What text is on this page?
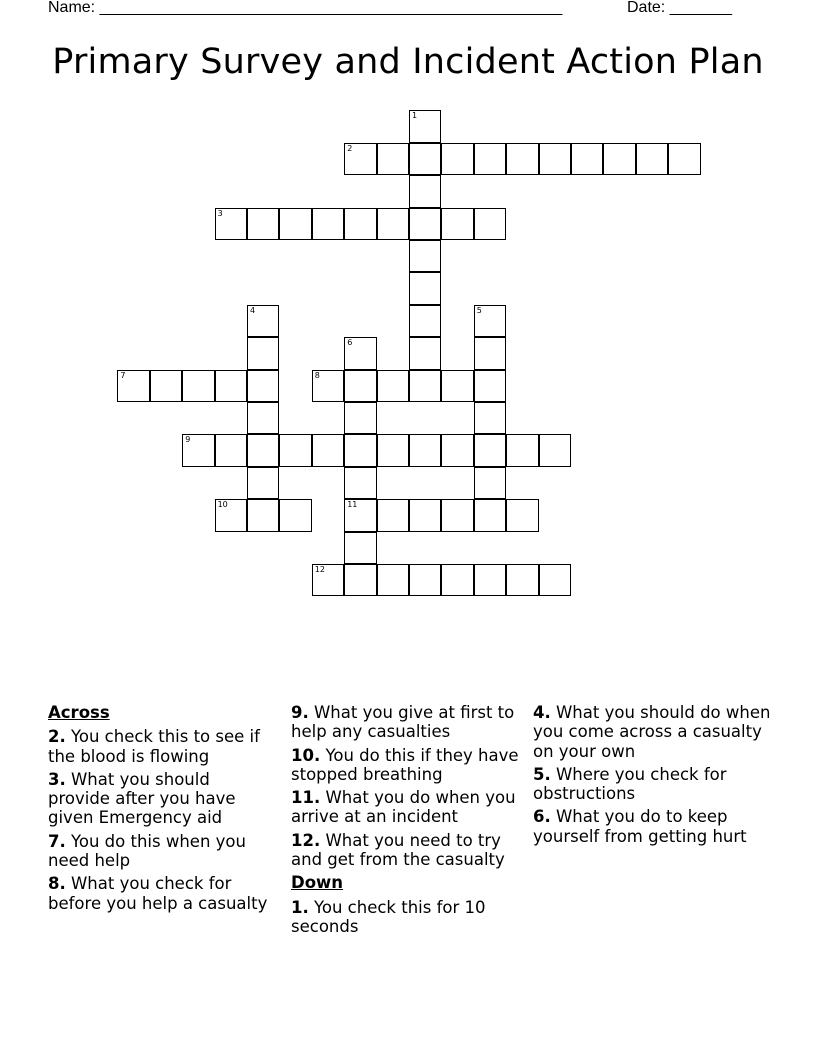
Name: ____________________________________________________	Date: _______
Primary Survey and Incident Action Plan
1
2
3
4	5
6
11
7	8
9
10
12
Across
2. You check this to see if the blood is flowing
3. What you should provide after you have given Emergency aid
7. You do this when you need help
8. What you check for before you help a casualty
9. What you give at first to help any casualties
10. You do this if they have stopped breathing
11. What you do when you arrive at an incident
12. What you need to try and get from the casualty
Down
1. You check this for 10 seconds
4. What you should do when you come across a casualty on your own
5. Where you check for obstructions
6. What you do to keep yourself from getting hurt
